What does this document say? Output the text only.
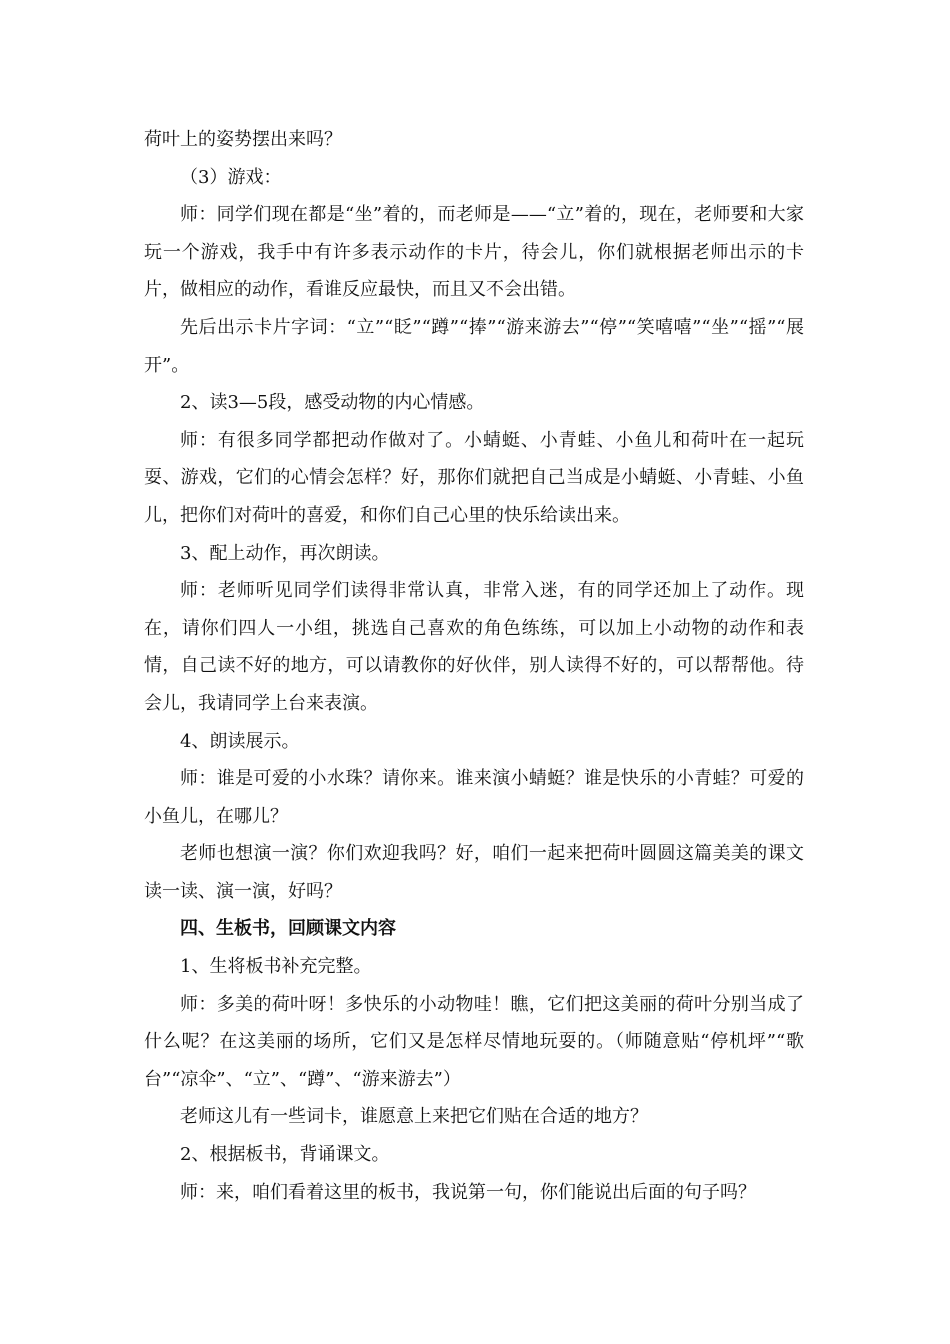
荷叶上的姿势摆出来吗？

（3）游戏：

师：同学们现在都是“坐”着的，而老师是——“立”着的，现在，老师要和大家玩一个游戏，我手中有许多表示动作的卡片，待会儿，你们就根据老师出示的卡片，做相应的动作，看谁反应最快，而且又不会出错。

先后出示卡片字词：“立”“眨”“蹲”“捧”“游来游去”“停”“笑嘻嘻”“坐”“摇”“展开”。

2、读3—5段，感受动物的内心情感。

师：有很多同学都把动作做对了。小蜻蜓、小青蛙、小鱼儿和荷叶在一起玩耍、游戏，它们的心情会怎样？好，那你们就把自己当成是小蜻蜓、小青蛙、小鱼儿，把你们对荷叶的喜爱，和你们自己心里的快乐给读出来。

3、配上动作，再次朗读。

师：老师听见同学们读得非常认真，非常入迷，有的同学还加上了动作。现在，请你们四人一小组，挑选自己喜欢的角色练练，可以加上小动物的动作和表情，自己读不好的地方，可以请教你的好伙伴，别人读得不好的，可以帮帮他。待会儿，我请同学上台来表演。

4、朗读展示。

师：谁是可爱的小水珠？请你来。谁来演小蜻蜓？谁是快乐的小青蛙？可爱的小鱼儿，在哪儿？

老师也想演一演？你们欢迎我吗？好，咱们一起来把荷叶圆圆这篇美美的课文读一读、演一演，好吗？

四、生板书，回顾课文内容

1、生将板书补充完整。

师：多美的荷叶呀！多快乐的小动物哇！瞧，它们把这美丽的荷叶分别当成了什么呢？在这美丽的场所，它们又是怎样尽情地玩耍的。（师随意贴“停机坪”“歌台”“凉伞”、“立”、“蹲”、“游来游去”）

老师这儿有一些词卡，谁愿意上来把它们贴在合适的地方？

2、根据板书，背诵课文。

师：来，咱们看着这里的板书，我说第一句，你们能说出后面的句子吗？
